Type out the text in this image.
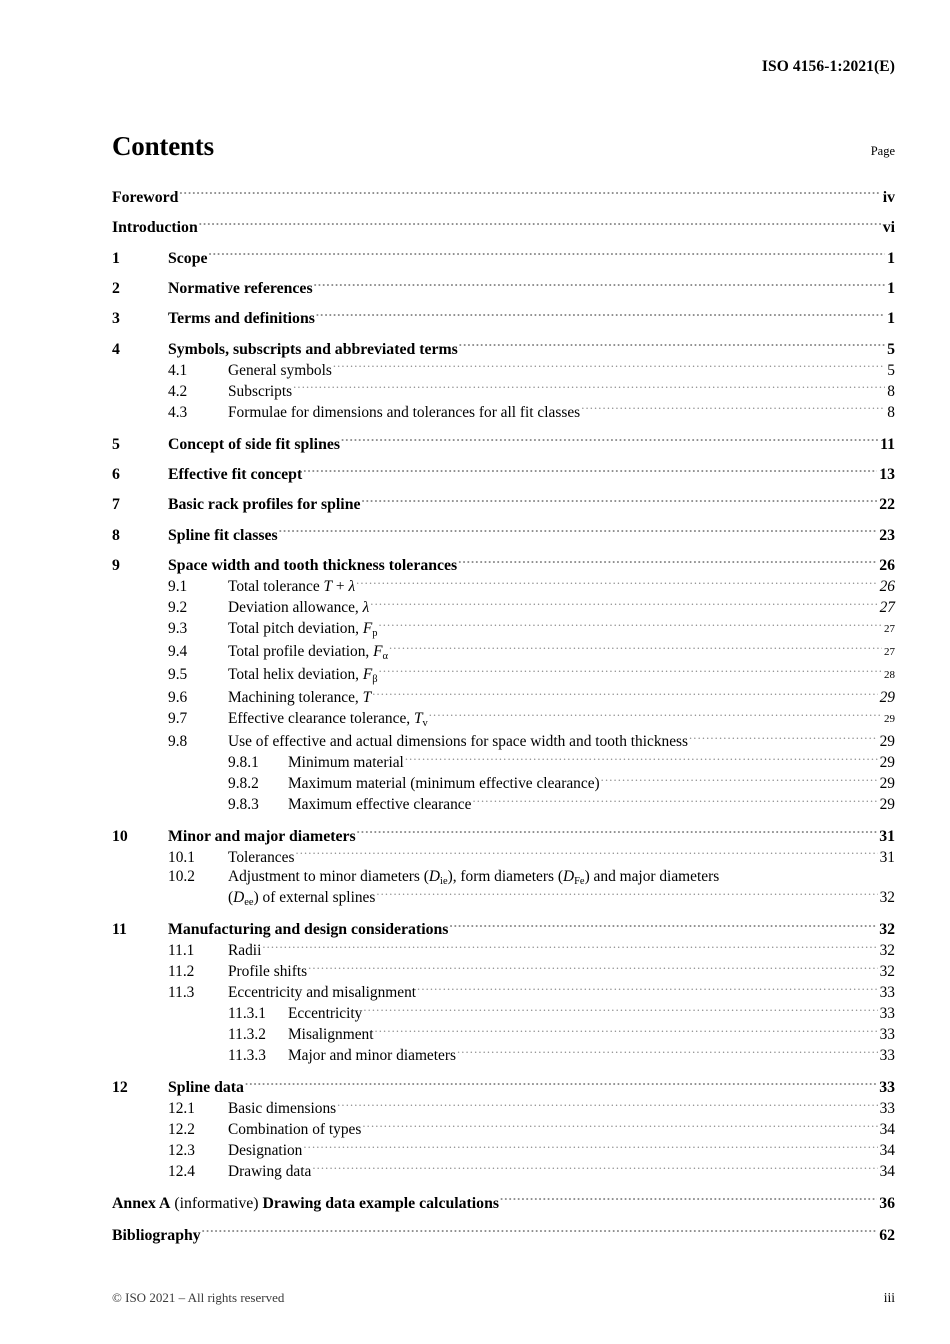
ISO 4156-1:2021(E)
Contents	Page
Foreword .....	iv
Introduction .....	vi
1	Scope .....	1
2	Normative references .....	1
3	Terms and definitions .....	1
4	Symbols, subscripts and abbreviated terms .....	5
4.1	General symbols .....	5
4.2	Subscripts .....	8
4.3	Formulae for dimensions and tolerances for all fit classes .....	8
5	Concept of side fit splines .....	11
6	Effective fit concept .....	13
7	Basic rack profiles for spline .....	22
8	Spline fit classes .....	23
9	Space width and tooth thickness tolerances .....	26
9.1	Total tolerance T + λ .....	26
9.2	Deviation allowance, λ .....	27
9.3	Total pitch deviation, $F_p$ .....	27
9.4	Total profile deviation, $F_\alpha$ .....	27
9.5	Total helix deviation, $F_\beta$ .....	28
9.6	Machining tolerance, T .....	29
9.7	Effective clearance tolerance, $T_v$ .....	29
9.8	Use of effective and actual dimensions for space width and tooth thickness .....	29
9.8.1	Minimum material .....	29
9.8.2	Maximum material (minimum effective clearance) .....	29
9.8.3	Maximum effective clearance .....	29
10	Minor and major diameters .....	31
10.1	Tolerances .....	31
10.2	Adjustment to minor diameters $(D_{ie})$, form diameters $(D_{Fe})$ and major diameters
$(D_{ee})$ of external splines .....	32
11	Manufacturing and design considerations .....	32
11.1	Radii .....	32
11.2	Profile shifts .....	32
11.3	Eccentricity and misalignment .....	33
11.3.1	Eccentricity .....	33
11.3.2	Misalignment .....	33
11.3.3	Major and minor diameters .....	33
12	Spline data .....	33
12.1	Basic dimensions .....	33
12.2	Combination of types .....	34
12.3	Designation .....	34
12.4	Drawing data .....	34
Annex A (informative) Drawing data example calculations .....	36
Bibliography .....	62
© ISO 2021 – All rights reserved	iii
